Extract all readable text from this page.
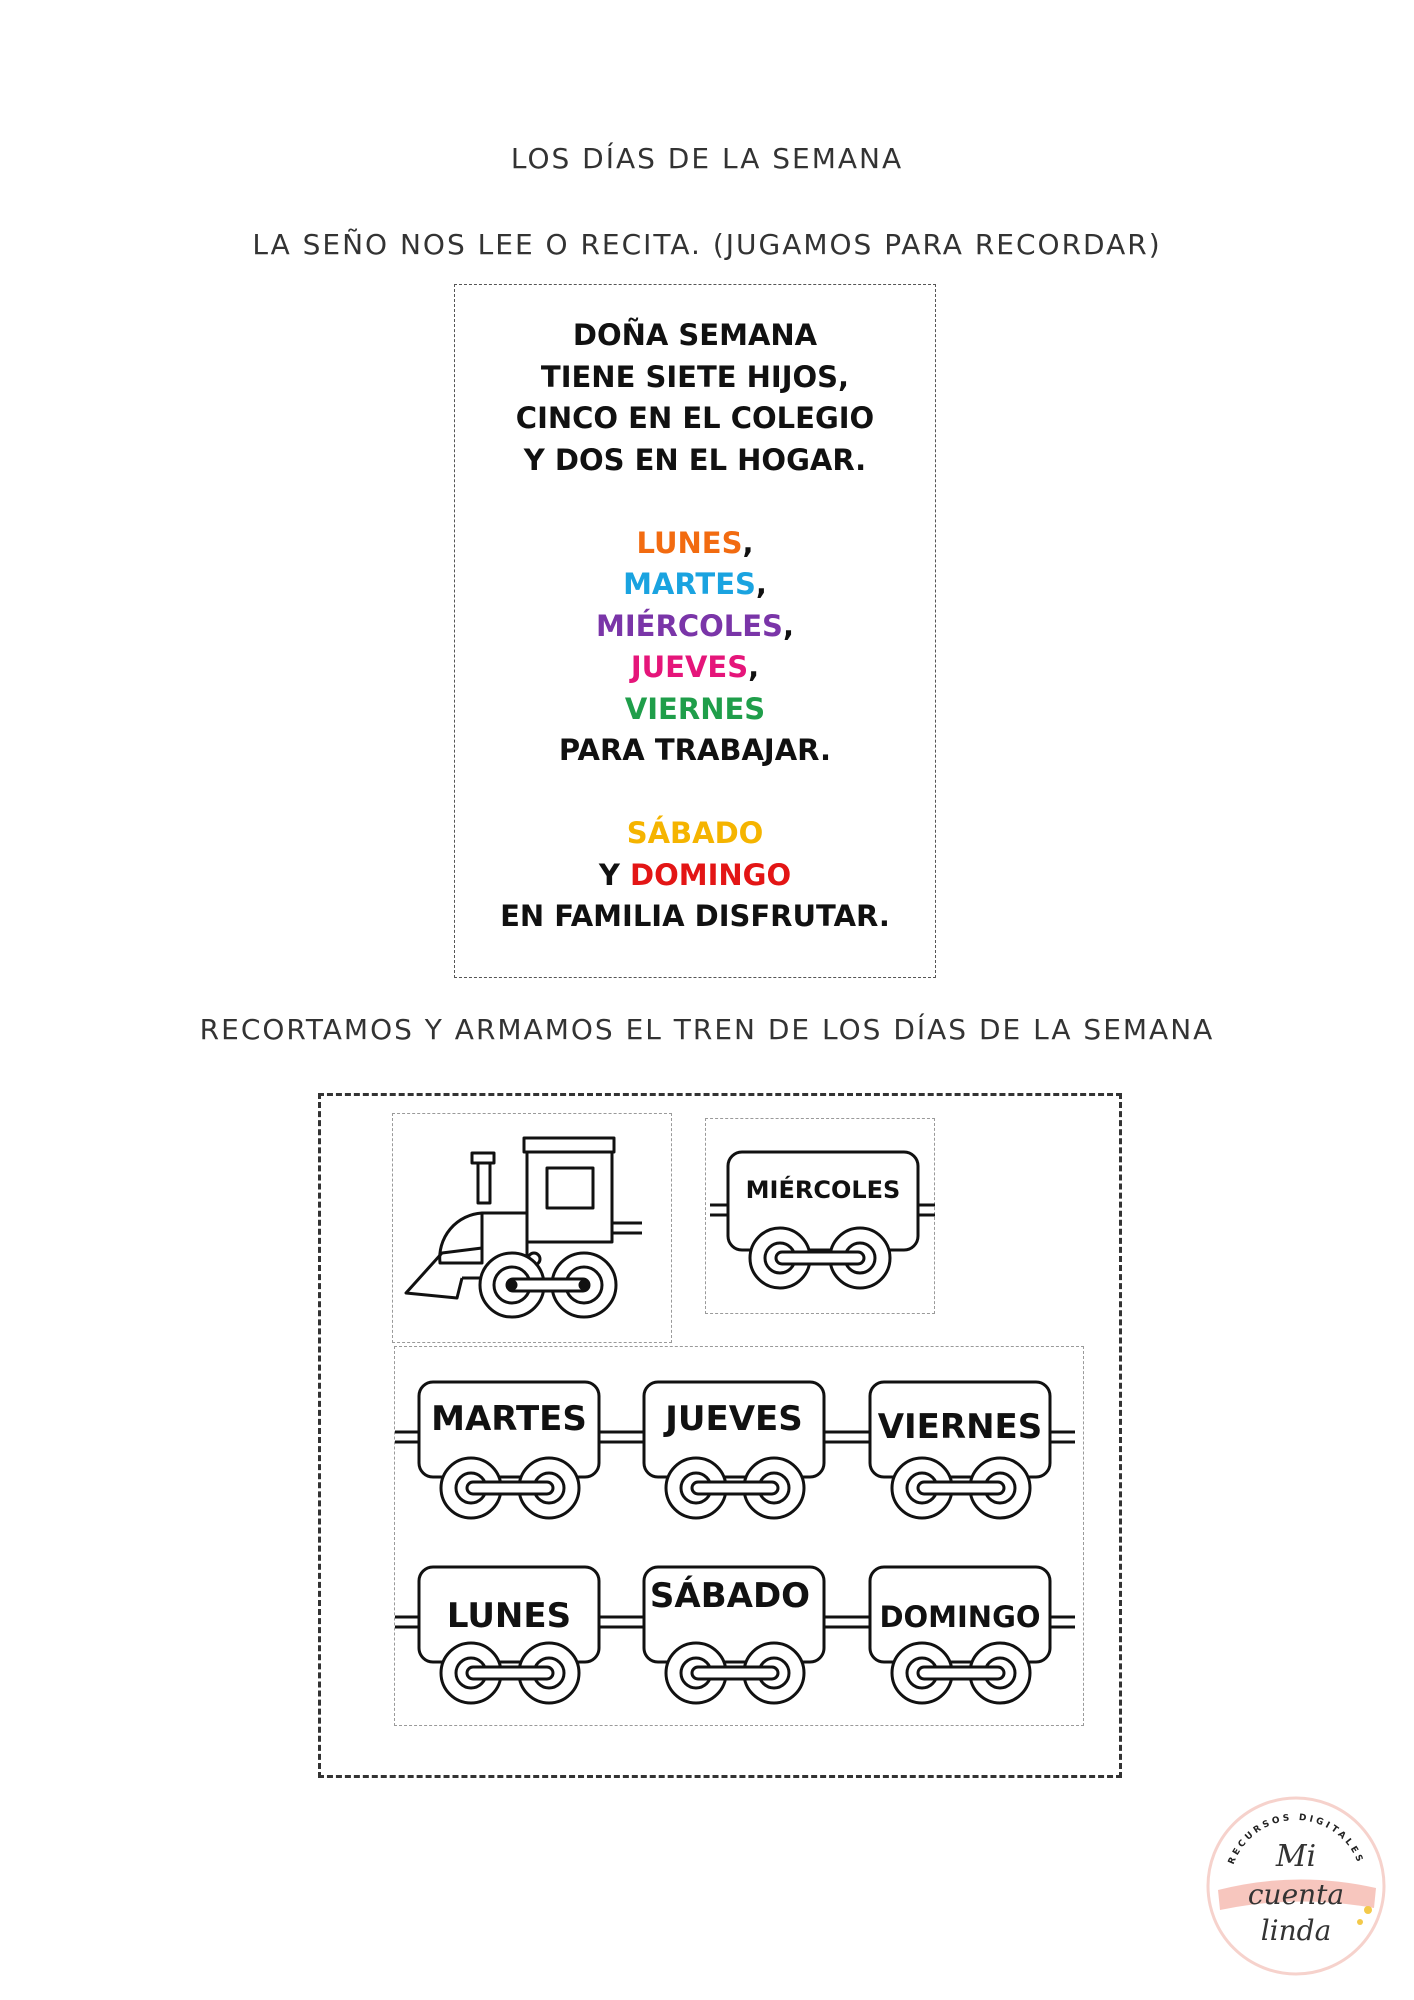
LOS DÍAS DE LA SEMANA
LA SEÑO NOS LEE O RECITA. (JUGAMOS PARA RECORDAR)
DOÑA SEMANA
TIENE SIETE HIJOS,
CINCO EN EL COLEGIO
Y DOS EN EL HOGAR.
LUNES,
MARTES,
MIÉRCOLES,
JUEVES,
VIERNES
PARA TRABAJAR.
SÁBADO
Y DOMINGO
EN FAMILIA DISFRUTAR.
RECORTAMOS Y ARMAMOS EL TREN DE LOS DÍAS DE LA SEMANA
MIÉRCOLES
MARTES JUEVES VIERNES
LUNES SÁBADO
DOMINGO
RECURSOS DIGITALES
Mi
cuenta
linda
